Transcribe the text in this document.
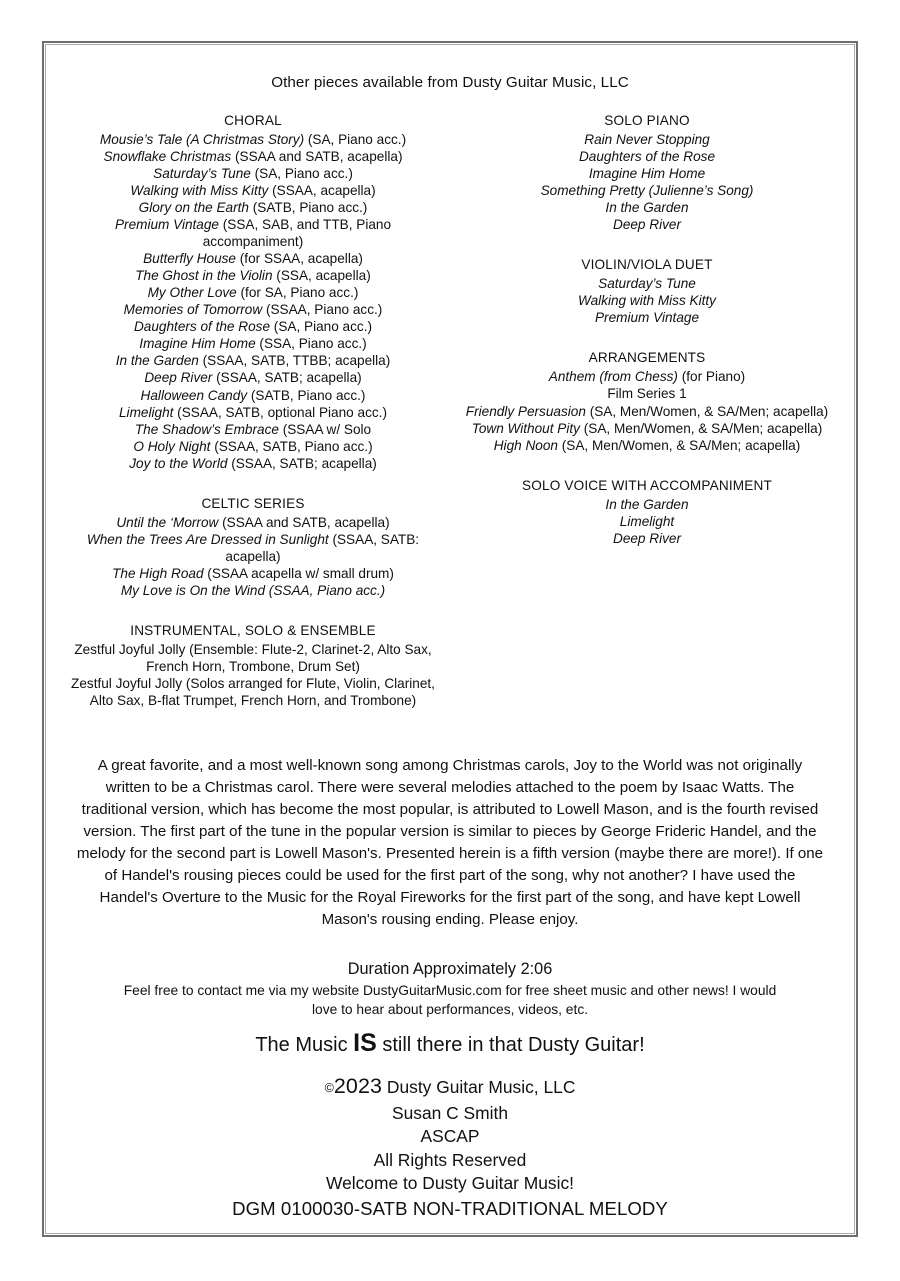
Other pieces available from Dusty Guitar Music, LLC
CHORAL
Mousie’s Tale (A Christmas Story) (SA, Piano acc.)
Snowflake Christmas (SSAA and SATB, acapella)
Saturday’s Tune (SA, Piano acc.)
Walking with Miss Kitty (SSAA, acapella)
Glory on the Earth (SATB, Piano acc.)
Premium Vintage (SSA, SAB, and TTB, Piano accompaniment)
Butterfly House (for SSAA, acapella)
The Ghost in the Violin (SSA, acapella)
My Other Love (for SA, Piano acc.)
Memories of Tomorrow (SSAA, Piano acc.)
Daughters of the Rose (SA, Piano acc.)
Imagine Him Home (SSA, Piano acc.)
In the Garden (SSAA, SATB, TTBB; acapella)
Deep River (SSAA, SATB; acapella)
Halloween Candy (SATB, Piano acc.)
Limelight (SSAA, SATB, optional Piano acc.)
The Shadow’s Embrace (SSAA w/ Solo
O Holy Night (SSAA, SATB, Piano acc.)
Joy to the World (SSAA, SATB; acapella)
CELTIC SERIES
Until the ‘Morrow (SSAA and SATB, acapella)
When the Trees Are Dressed in Sunlight (SSAA, SATB: acapella)
The High Road (SSAA acapella w/ small drum)
My Love is On the Wind (SSAA, Piano acc.)
INSTRUMENTAL, SOLO & ENSEMBLE
Zestful Joyful Jolly (Ensemble: Flute-2, Clarinet-2, Alto Sax, French Horn, Trombone, Drum Set)
Zestful Joyful Jolly (Solos arranged for Flute, Violin, Clarinet, Alto Sax, B-flat Trumpet, French Horn, and Trombone)
SOLO PIANO
Rain Never Stopping
Daughters of the Rose
Imagine Him Home
Something Pretty (Julienne’s Song)
In the Garden
Deep River
VIOLIN/VIOLA DUET
Saturday’s Tune
Walking with Miss Kitty
Premium Vintage
ARRANGEMENTS
Anthem (from Chess) (for Piano)
Film Series 1
Friendly Persuasion (SA, Men/Women, & SA/Men; acapella)
Town Without Pity (SA, Men/Women, & SA/Men; acapella)
High Noon (SA, Men/Women, & SA/Men; acapella)
SOLO VOICE WITH ACCOMPANIMENT
In the Garden
Limelight
Deep River

A great favorite, and a most well-known song among Christmas carols, Joy to the World was not originally written to be a Christmas carol. There were several melodies attached to the poem by Isaac Watts. The traditional version, which has become the most popular, is attributed to Lowell Mason, and is the fourth revised version. The first part of the tune in the popular version is similar to pieces by George Frideric Handel, and the melody for the second part is Lowell Mason's. Presented herein is a fifth version (maybe there are more!). If one of Handel's rousing pieces could be used for the first part of the song, why not another? I have used the Handel's Overture to the Music for the Royal Fireworks for the first part of the song, and have kept Lowell Mason's rousing ending. Please enjoy.

Duration Approximately 2:06
Feel free to contact me via my website DustyGuitarMusic.com for free sheet music and other news! I would love to hear about performances, videos, etc.
The Music IS still there in that Dusty Guitar!
©2023 Dusty Guitar Music, LLC
Susan C Smith
ASCAP
All Rights Reserved
Welcome to Dusty Guitar Music!
DGM 0100030-SATB NON-TRADITIONAL MELODY
